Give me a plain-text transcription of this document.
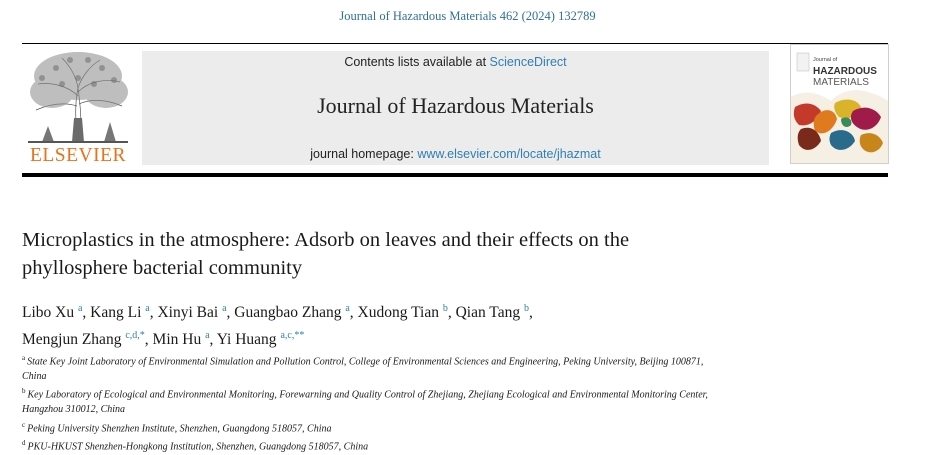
Journal of Hazardous Materials 462 (2024) 132789
ELSEVIER
Contents lists available at ScienceDirect
Journal of Hazardous Materials
journal homepage: www.elsevier.com/locate/jhazmat
Journal of
HAZARDOUS
MATERIALS
Microplastics in the atmosphere: Adsorb on leaves and their effects on the
phyllosphere bacterial community
Libo Xu $^a$, Kang Li $^a$, Xinyi Bai $^a$, Guangbao Zhang $^a$, Xudong Tian $^b$, Qian Tang $^b$,
Mengjun Zhang $^{c,d,*}$, Min Hu $^a$, Yi Huang $^{a,c,**}$
$^a$ State Key Joint Laboratory of Environmental Simulation and Pollution Control, College of Environmental Sciences and Engineering, Peking University, Beijing 100871,
China
$^b$ Key Laboratory of Ecological and Environmental Monitoring, Forewarning and Quality Control of Zhejiang, Zhejiang Ecological and Environmental Monitoring Center,
Hangzhou 310012, China
$^c$ Peking University Shenzhen Institute, Shenzhen, Guangdong 518057, China
$^d$ PKU-HKUST Shenzhen-Hongkong Institution, Shenzhen, Guangdong 518057, China
